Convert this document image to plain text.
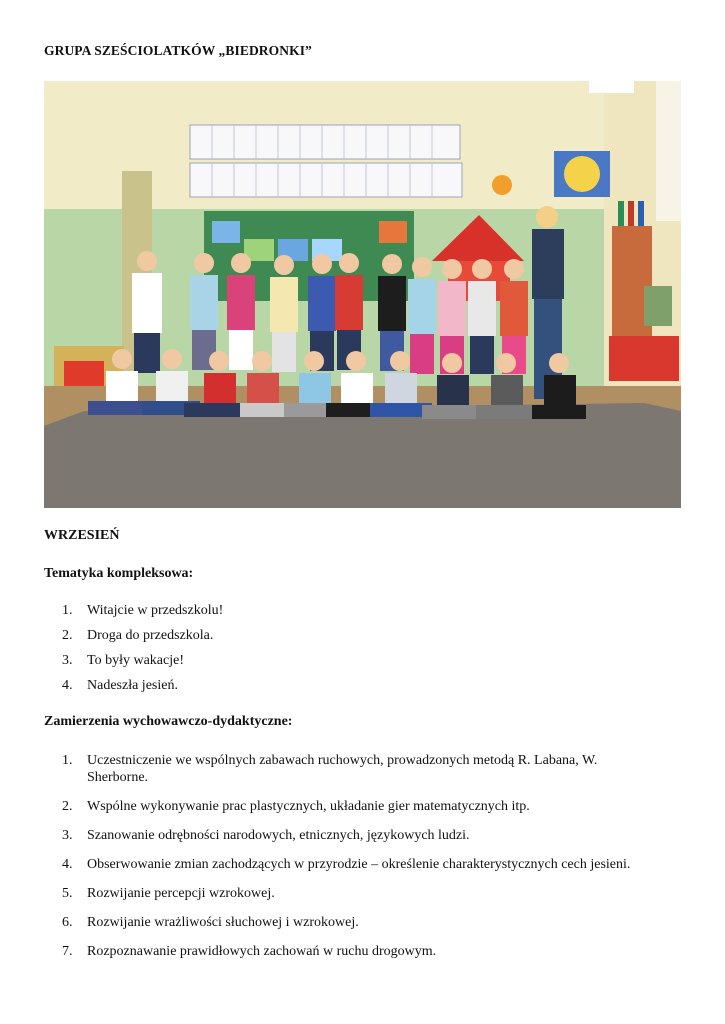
GRUPA SZEŚCIOLATKÓW „BIEDRONKI”
WRZESIEŃ
Tematyka kompleksowa:
1.	Witajcie w przedszkolu!
2.	Droga do przedszkola.
3.	To były wakacje!
4.	Nadeszła jesień.
Zamierzenia wychowawczo-dydaktyczne:
1.	Uczestniczenie we wspólnych zabawach ruchowych, prowadzonych metodą R. Labana, W. Sherborne.
2.	Wspólne wykonywanie prac plastycznych, układanie gier matematycznych itp.
3.	Szanowanie odrębności narodowych, etnicznych, językowych ludzi.
4.	Obserwowanie zmian zachodzących w przyrodzie – określenie charakterystycznych cech jesieni.
5.	Rozwijanie percepcji wzrokowej.
6.	Rozwijanie wrażliwości słuchowej i wzrokowej.
7.	Rozpoznawanie prawidłowych zachowań w ruchu drogowym.
